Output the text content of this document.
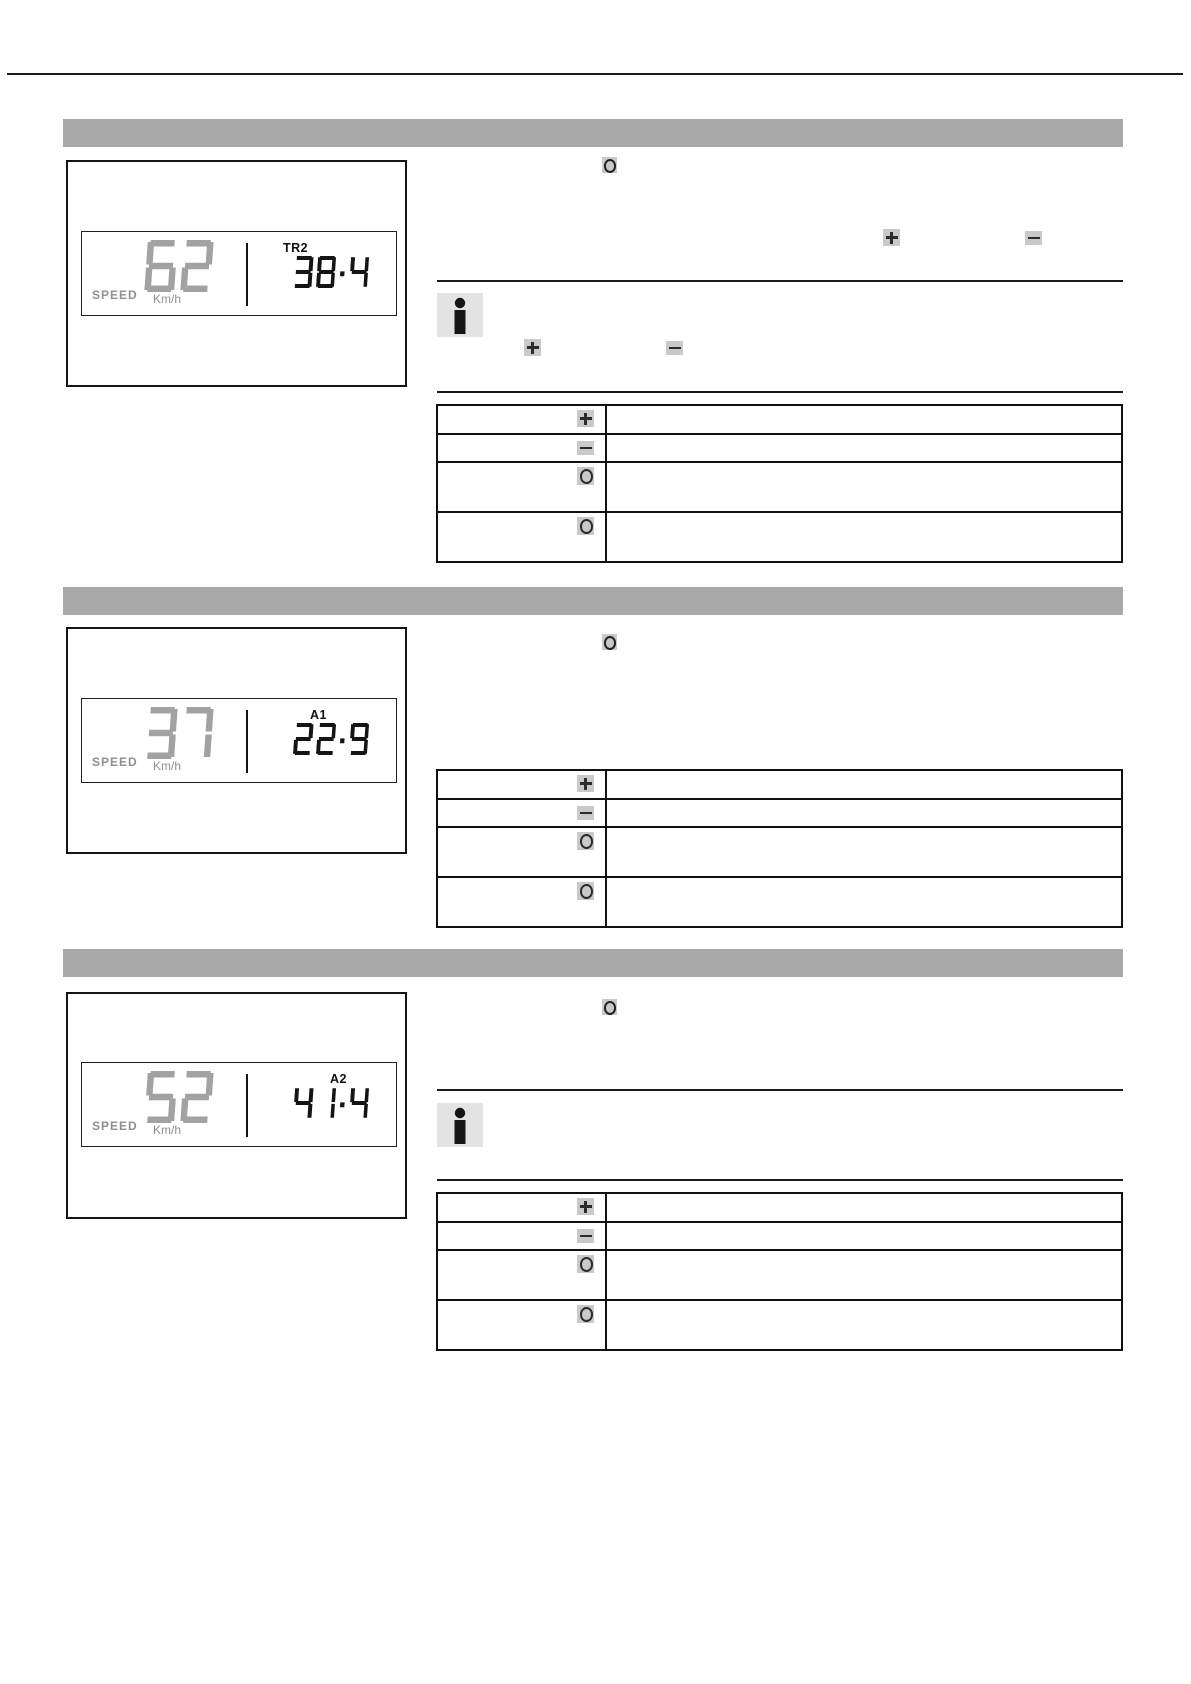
SPEED Km/h
TR2
SPEED Km/h
A1
SPEED Km/h
A2
